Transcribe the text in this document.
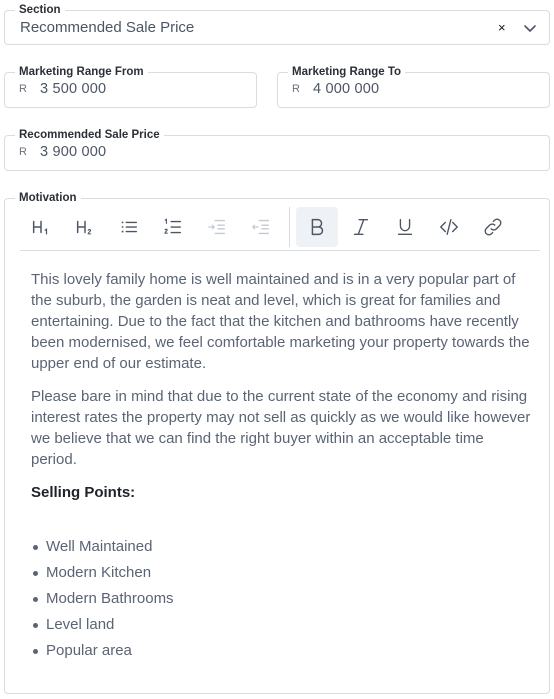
Section
Recommended Sale Price	×
Marketing Range From
R 3 500 000
Marketing Range To
R 4 000 000
Recommended Sale Price
R 3 900 000
Motivation

This lovely family home is well maintained and is in a very popular part of the suburb, the garden is neat and level, which is great for families and entertaining. Due to the fact that the kitchen and bathrooms have recently been modernised, we feel comfortable marketing your property towards the upper end of our estimate.

Please bare in mind that due to the current state of the economy and rising interest rates the property may not sell as quickly as we would like however we believe that we can find the right buyer within an acceptable time period.

Selling Points:

Well Maintained
Modern Kitchen
Modern Bathrooms
Level land
Popular area
